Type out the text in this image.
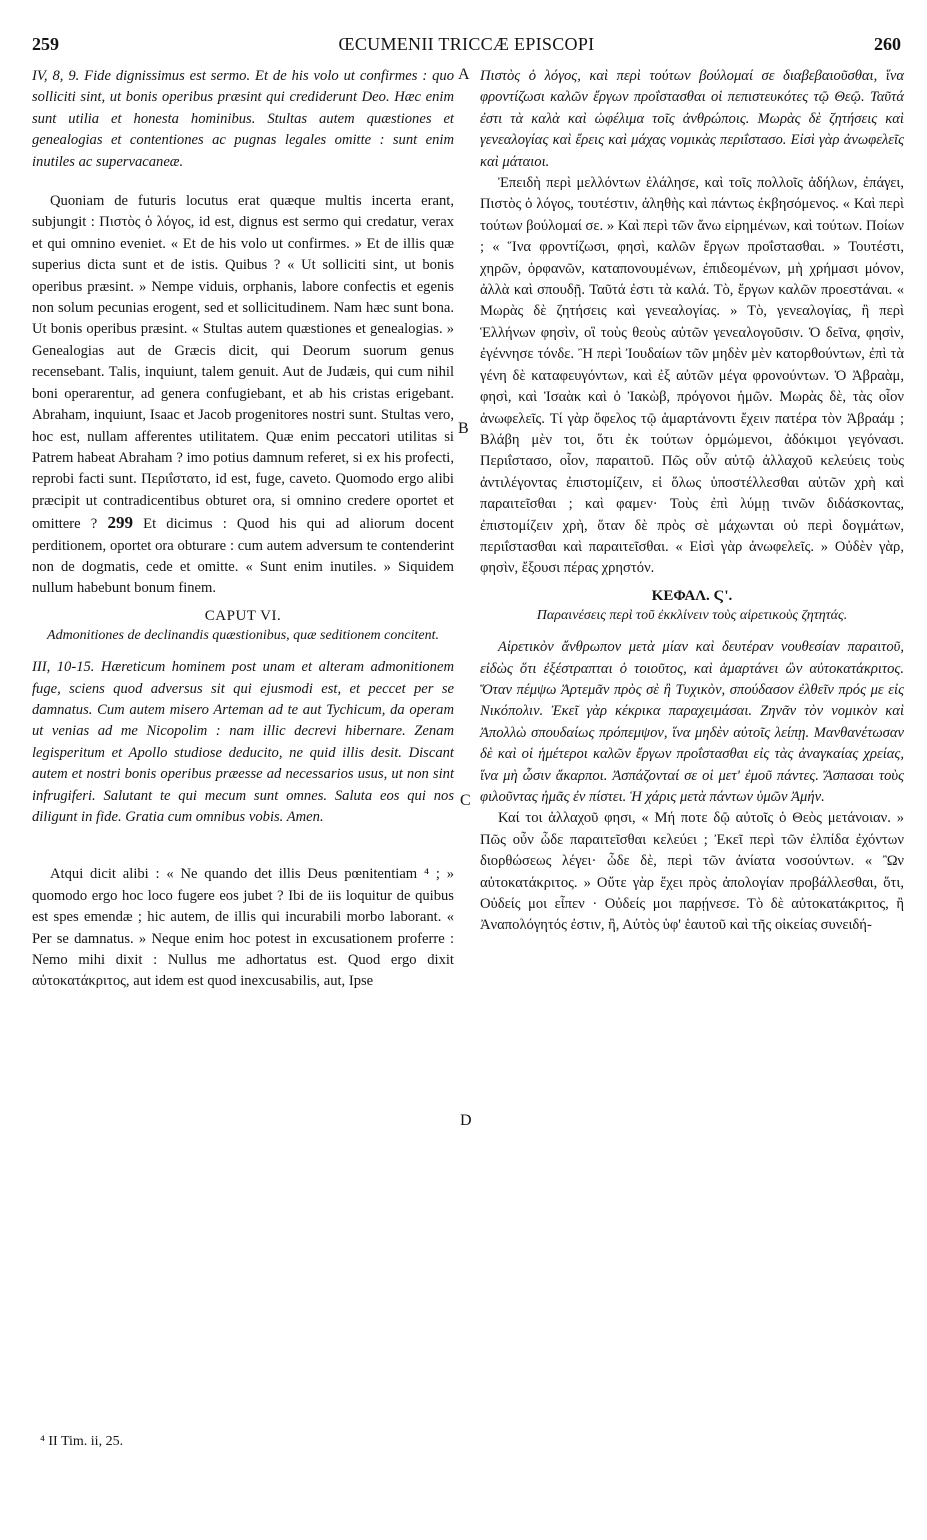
259	ŒCUMENII TRICCÆ EPISCOPI	260
A
B
C
D

IV, 8, 9. Fide dignissimus est sermo. Et de his volo ut confirmes : quo solliciti sint, ut bonis operibus præsint qui crediderunt Deo. Hæc enim sunt utilia et honesta hominibus. Stultas autem quæstiones et genealogias et contentiones ac pugnas legales omitte : sunt enim inutiles ac supervacaneæ.

Quoniam de futuris locutus erat quæque multis incerta erant, subjungit : Πιστὸς ὁ λόγος, id est, dignus est sermo qui credatur, verax et qui omnino eveniet. « Et de his volo ut confirmes. » Et de illis quæ superius dicta sunt et de istis. Quibus ? « Ut solliciti sint, ut bonis operibus præsint. » Nempe viduis, orphanis, labore confectis et egenis non solum pecunias erogent, sed et sollicitudinem. Nam hæc sunt bona. Ut bonis operibus præsint. « Stultas autem quæstiones et genealogias. » Genealogias aut de Græcis dicit, qui Deorum suorum genus recensebant. Talis, inquiunt, talem genuit. Aut de Judæis, qui cum nihil boni operarentur, ad genera confugiebant, et ab his cristas erigebant. Abraham, inquiunt, Isaac et Jacob progenitores nostri sunt. Stultas vero, hoc est, nullam afferentes utilitatem. Quæ enim peccatori utilitas si Patrem habeat Abraham ? imo potius damnum referet, si ex his profecti, reprobi facti sunt. Περιΐστατο, id est, fuge, caveto. Quomodo ergo alibi præcipit ut contradicentibus obturet ora, si omnino credere oportet et omittere ? 299 Et dicimus : Quod his qui ad aliorum docent perditionem, oportet ora obturare : cum autem adversum te contenderint non de dogmatis, cede et omitte. « Sunt enim inutiles. » Siquidem nullum habebunt bonum finem.

CAPUT VI.
Admonitiones de declinandis quæstionibus, quæ seditionem concitent.

III, 10-15. Hæreticum hominem post unam et alteram admonitionem fuge, sciens quod adversus sit qui ejusmodi est, et peccet per se damnatus. Cum autem misero Arteman ad te aut Tychicum, da operam ut venias ad me Nicopolim : nam illic decrevi hibernare. Zenam legisperitum et Apollo studiose deducito, ne quid illis desit. Discant autem et nostri bonis operibus præesse ad necessarios usus, ut non sint infrugiferi. Salutant te qui mecum sunt omnes. Saluta eos qui nos diligunt in fide. Gratia cum omnibus vobis. Amen.

Atqui dicit alibi : « Ne quando det illis Deus pœnitentiam ⁴ ; » quomodo ergo hoc loco fugere eos jubet ? Ibi de iis loquitur de quibus est spes emendæ ; hic autem, de illis qui incurabili morbo laborant. « Per se damnatus. » Neque enim hoc potest in excusationem proferre : Nemo mihi dixit : Nullus me adhortatus est. Quod ergo dixit αὐτοκατάκριτος, aut idem est quod inexcusabilis, aut, Ipse

Πιστὸς ὁ λόγος, καὶ περὶ τούτων βούλομαί σε διαβεβαιοῦσθαι, ἵνα φροντίζωσι καλῶν ἔργων προΐστασθαι οἱ πεπιστευκότες τῷ Θεῷ. Ταῦτά ἐστι τὰ καλὰ καὶ ὠφέλιμα τοῖς ἀνθρώποις. Μωρὰς δὲ ζητήσεις καὶ γενεαλογίας καὶ ἔρεις καὶ μάχας νομικὰς περιΐστασο. Εἰσὶ γὰρ ἀνωφελεῖς καὶ μάταιοι.

Ἐπειδὴ περὶ μελλόντων ἐλάλησε, καὶ τοῖς πολλοῖς ἀδήλων, ἐπάγει, Πιστὸς ὁ λόγος, τουτέστιν, ἀληθὴς καὶ πάντως ἐκβησόμενος. « Καὶ περὶ τούτων βούλομαί σε. » Καὶ περὶ τῶν ἄνω εἰρημένων, καὶ τούτων. Ποίων ; « Ἵνα φροντίζωσι, φησὶ, καλῶν ἔργων προΐστασθαι. » Τουτέστι, χηρῶν, ὀρφανῶν, καταπονουμένων, ἐπιδεομένων, μὴ χρήμασι μόνον, ἀλλὰ καὶ σπουδῇ. Ταῦτά ἐστι τὰ καλά. Τὸ, ἔργων καλῶν προεστάναι. « Μωρὰς δὲ ζητήσεις καὶ γενεαλογίας. » Τὸ, γενεαλογίας, ἢ περὶ Ἑλλήνων φησὶν, οἳ τοὺς θεοὺς αὐτῶν γενεαλογοῦσιν. Ὁ δεῖνα, φησὶν, ἐγέννησε τόνδε. Ἢ περὶ Ἰουδαίων τῶν μηδὲν μὲν κατορθούντων, ἐπὶ τὰ γένη δὲ καταφευγόντων, καὶ ἐξ αὐτῶν μέγα φρονούντων. Ὁ Ἀβραὰμ, φησὶ, καὶ Ἰσαὰκ καὶ ὁ Ἰακὼβ, πρόγονοι ἡμῶν. Μωρὰς δὲ, τὰς οἷον ἀνωφελεῖς. Τί γὰρ ὄφελος τῷ ἁμαρτάνοντι ἔχειν πατέρα τὸν Ἀβραάμ ; Βλάβη μὲν τοι, ὅτι ἐκ τούτων ὁρμώμενοι, ἀδόκιμοι γεγόνασι. Περιΐστασο, οἷον, παραιτοῦ. Πῶς οὖν αὐτῷ ἀλλαχοῦ κελεύεις τοὺς ἀντιλέγοντας ἐπιστομίζειν, εἰ ὅλως ὑποστέλλεσθαι αὐτῶν χρὴ καὶ παραιτεῖσθαι ; καὶ φαμεν· Τοὺς ἐπὶ λύμῃ τινῶν διδάσκοντας, ἐπιστομίζειν χρὴ, ὅταν δὲ πρὸς σὲ μάχωνται οὐ περὶ δογμάτων, περιΐστασθαι καὶ παραιτεῖσθαι. « Εἰσὶ γὰρ ἀνωφελεῖς. » Οὐδὲν γὰρ, φησὶν, ἔξουσι πέρας χρηστόν.

ΚΕΦΑΛ. Ϛ'.
Παραινέσεις περὶ τοῦ ἐκκλίνειν τοὺς αἱρετικοὺς ζητητάς.

Αἱρετικὸν ἄνθρωπον μετὰ μίαν καὶ δευτέραν νουθεσίαν παραιτοῦ, εἰδὼς ὅτι ἐξέστραπται ὁ τοιοῦτος, καὶ ἁμαρτάνει ὢν αὐτοκατάκριτος. Ὅταν πέμψω Ἀρτεμᾶν πρὸς σὲ ἢ Τυχικὸν, σπούδασον ἐλθεῖν πρός με εἰς Νικόπολιν. Ἐκεῖ γὰρ κέκρικα παραχειμάσαι. Ζηνᾶν τὸν νομικὸν καὶ Ἀπολλὼ σπουδαίως πρόπεμψον, ἵνα μηδὲν αὐτοῖς λείπῃ. Μανθανέτωσαν δὲ καὶ οἱ ἡμέτεροι καλῶν ἔργων προΐστασθαι εἰς τὰς ἀναγκαίας χρείας, ἵνα μὴ ὦσιν ἄκαρποι. Ἀσπάζονταί σε οἱ μετ' ἐμοῦ πάντες. Ἄσπασαι τοὺς φιλοῦντας ἡμᾶς ἐν πίστει. Ἡ χάρις μετὰ πάντων ὑμῶν Ἀμήν.

Καί τοι ἀλλαχοῦ φησι, « Μή ποτε δῷ αὐτοῖς ὁ Θεὸς μετάνοιαν. » Πῶς οὖν ὧδε παραιτεῖσθαι κελεύει ; Ἐκεῖ περὶ τῶν ἐλπίδα ἐχόντων διορθώσεως λέγει· ὧδε δὲ, περὶ τῶν ἀνίατα νοσούντων. « Ὢν αὐτοκατάκριτος. » Οὔτε γὰρ ἔχει πρὸς ἀπολογίαν προβάλλεσθαι, ὅτι, Οὐδείς μοι εἶπεν · Οὐδείς μοι παρῄνεσε. Τὸ δὲ αὐτοκατάκριτος, ἢ Ἀναπολόγητός ἐστιν, ἢ, Αὐτὸς ὑφ' ἑαυτοῦ καὶ τῆς οἰκείας συνειδή-

⁴ II Tim. ii, 25.
